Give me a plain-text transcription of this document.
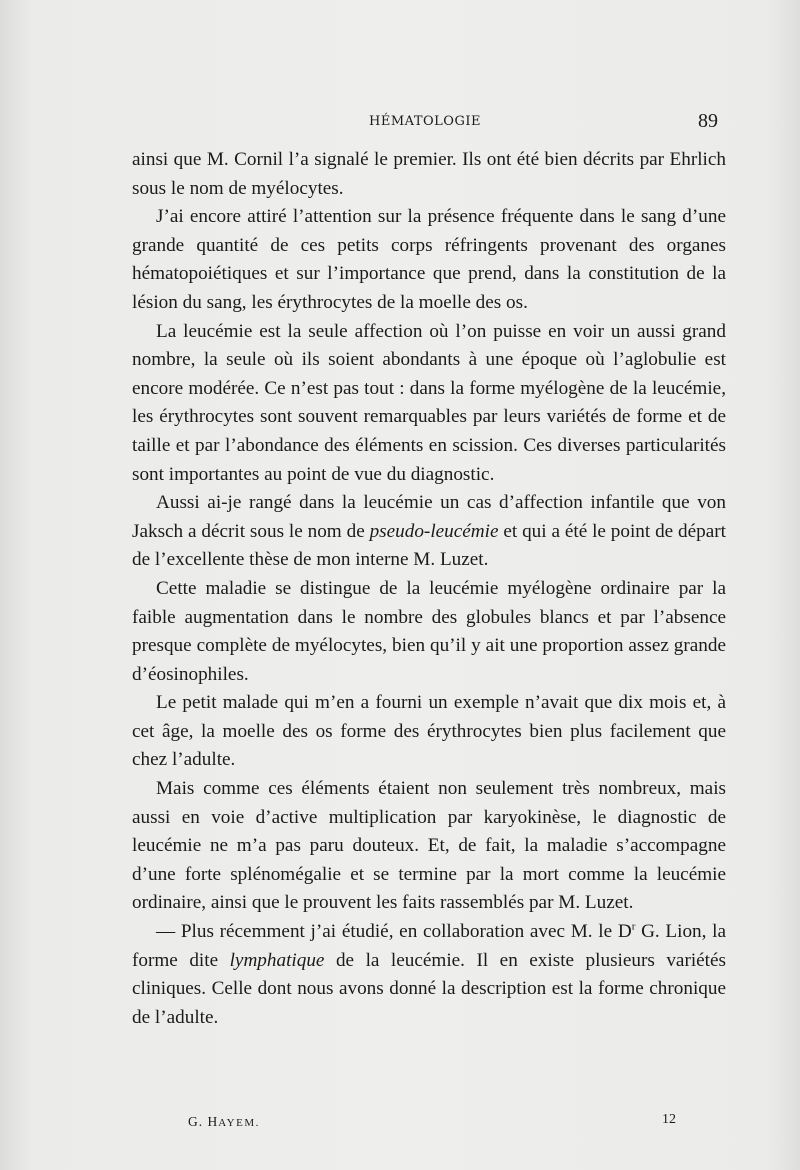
HÉMATOLOGIE	89

ainsi que M. Cornil l’a signalé le premier. Ils ont été bien décrits par Ehrlich sous le nom de myélocytes.

J’ai encore attiré l’attention sur la présence fréquente dans le sang d’une grande quantité de ces petits corps réfringents provenant des organes hématopoiétiques et sur l’importance que prend, dans la constitution de la lésion du sang, les érythrocytes de la moelle des os.

La leucémie est la seule affection où l’on puisse en voir un aussi grand nombre, la seule où ils soient abondants à une époque où l’aglobulie est encore modérée. Ce n’est pas tout : dans la forme myélogène de la leucémie, les érythrocytes sont souvent remarquables par leurs variétés de forme et de taille et par l’abondance des éléments en scission. Ces diverses particularités sont importantes au point de vue du diagnostic.

Aussi ai-je rangé dans la leucémie un cas d’affection infantile que von Jaksch a décrit sous le nom de pseudo-leucémie et qui a été le point de départ de l’excellente thèse de mon interne M. Luzet.

Cette maladie se distingue de la leucémie myélogène ordinaire par la faible augmentation dans le nombre des globules blancs et par l’absence presque complète de myélocytes, bien qu’il y ait une proportion assez grande d’éosinophiles.

Le petit malade qui m’en a fourni un exemple n’avait que dix mois et, à cet âge, la moelle des os forme des érythrocytes bien plus facilement que chez l’adulte.

Mais comme ces éléments étaient non seulement très nombreux, mais aussi en voie d’active multiplication par karyokinèse, le diagnostic de leucémie ne m’a pas paru douteux. Et, de fait, la maladie s’accompagne d’une forte splénomégalie et se termine par la mort comme la leucémie ordinaire, ainsi que le prouvent les faits rassemblés par M. Luzet.

— Plus récemment j’ai étudié, en collaboration avec M. le $D^r$ G. Lion, la forme dite lymphatique de la leucémie. Il en existe plusieurs variétés cliniques. Celle dont nous avons donné la description est la forme chronique de l’adulte.

G. HAYEM.	12
